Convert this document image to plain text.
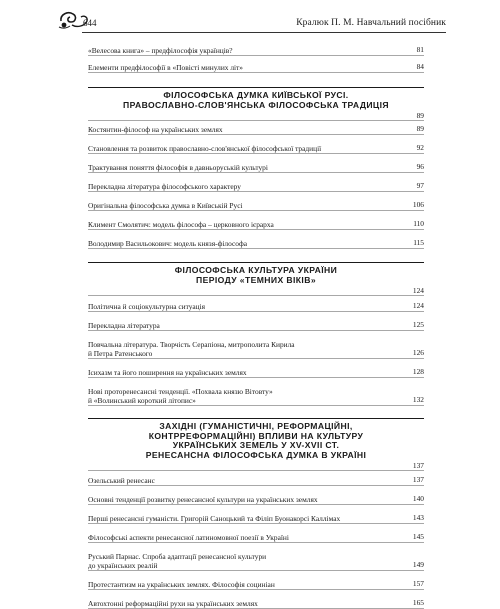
644	Кралюк П. М. Навчальний посібник
«Велесова книга» – предфілософія українців?	81
Елементи предфілософії в «Повісті минулих літ»	84
ФІЛОСОФСЬКА ДУМКА КИЇВСЬКОЇ РУСІ.
ПРАВОСЛАВНО-СЛОВ'ЯНСЬКА ФІЛОСОФСЬКА ТРАДИЦІЯ
89
Костянтин-філософ на українських землях	89
Становлення та розвиток православно-слов'янської філософської традиції	92
Трактування поняття філософія в давньоруській культурі	96
Перекладна література філософського характеру	97
Оригінальна філософська думка в Київській Русі	106
Климент Смолятич: модель філософа – церковного ієрарха	110
Володимир Васильокович: модель князя-філософа	115
ФІЛОСОФСЬКА КУЛЬТУРА УКРАЇНИ
ПЕРІОДУ «ТЕМНИХ ВІКІВ»
124
Політична й соціокультурна ситуація	124
Перекладна література	125
Повчальна література. Творчість Серапіона, митрополита Кирила
й Петра Ратенського	126
Ісихазм та його поширення на українських землях	128
Нові проторенесансні тенденції. «Похвала князю Вітовту»
й «Волинський короткий літопис»	132
ЗАХІДНІ (ГУМАНІСТИЧНІ, РЕФОРМАЦІЙНІ,
КОНТРРЕФОРМАЦІЙНІ) ВПЛИВИ НА КУЛЬТУРУ
УКРАЇНСЬКИХ ЗЕМЕЛЬ У XV-XVII СТ.
РЕНЕСАНСНА ФІЛОСОФСЬКА ДУМКА В УКРАЇНІ
137
Озельський ренесанс	137
Основні тенденції розвитку ренесансної культури на українських землях	140
Перші ренесансні гуманісти. Григорій Саноцький та Філіп Буонакорсі Каллімах	143
Філософські аспекти ренесансної латиномовної поезії в Україні	145
Руський Парнас. Спроба адаптації ренесансної культури
до українських реалій	149
Протестантизм на українських землях. Філософія социніан	157
Автохтонні реформаційні рухи на українських землях	165
